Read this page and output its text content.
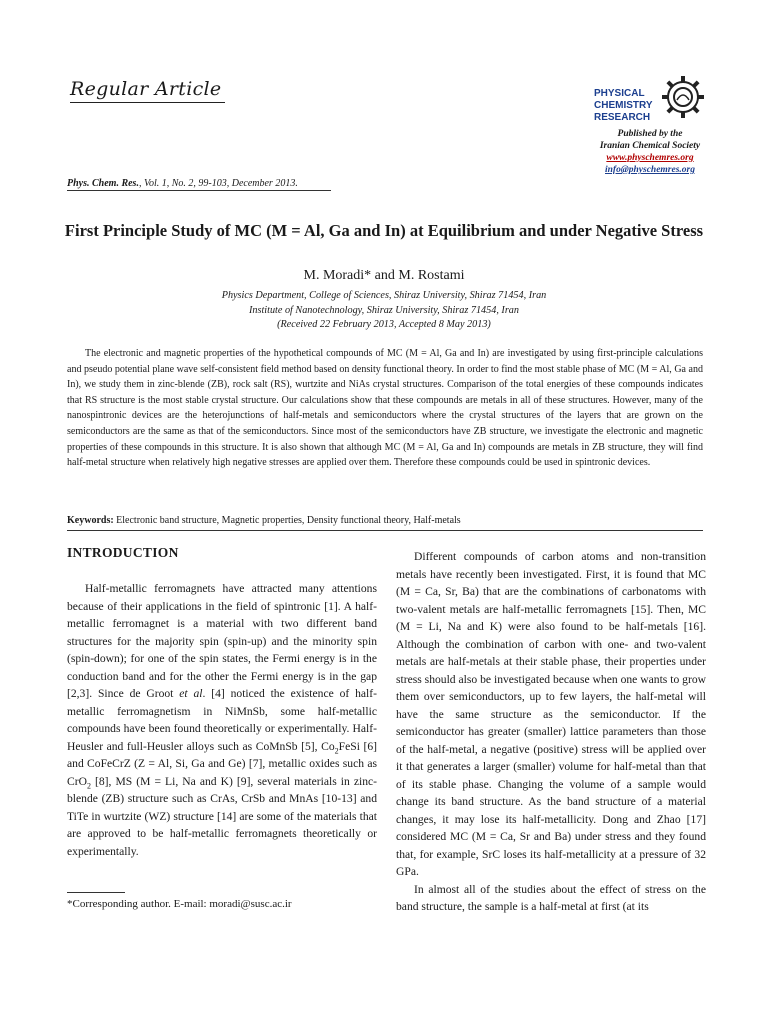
Regular Article	PHYSICAL
CHEMISTRY
RESEARCH
Published by the
Iranian Chemical Society
www.physchemres.org
info@physchemres.org
Phys. Chem. Res., Vol. 1, No. 2, 99-103, December 2013.
First Principle Study of MC (M = Al, Ga and In) at Equilibrium and under Negative Stress
M. Moradi* and M. Rostami
Physics Department, College of Sciences, Shiraz University, Shiraz 71454, Iran
Institute of Nanotechnology, Shiraz University, Shiraz 71454, Iran
(Received 22 February 2013, Accepted 8 May 2013)

The electronic and magnetic properties of the hypothetical compounds of MC (M = Al, Ga and In) are investigated by using first-principle calculations and pseudo potential plane wave self-consistent field method based on density functional theory. In order to find the most stable phase of MC (M = Al, Ga and In), we study them in zinc-blende (ZB), rock salt (RS), wurtzite and NiAs crystal structures. Comparison of the total energies of these compounds indicates that RS structure is the most stable crystal structure. Our calculations show that these compounds are metals in all of these structures. However, many of the nanospintronic devices are the heterojunctions of half-metals and semiconductors where the crystal structures of the layers that are grown on the semiconductors are the same as that of the semiconductors. Since most of the semiconductors have ZB structure, we investigate the electronic and magnetic properties of these compounds in this structure. It is also shown that although MC (M = Al, Ga and In) compounds are metals in ZB structure, they will find half-metal structure when relatively high negative stresses are applied over them. Therefore these compounds could be used in spintronic devices.

Keywords: Electronic band structure, Magnetic properties, Density functional theory, Half-metals
INTRODUCTION

Half-metallic ferromagnets have attracted many attentions because of their applications in the field of spintronic [1]. A half-metallic ferromagnet is a material with two different band structures for the majority spin (spin-up) and the minority spin (spin-down); for one of the spin states, the Fermi energy is in the conduction band and for the other the Fermi energy is in the gap [2,3]. Since de Groot et al. [4] noticed the existence of half-metallic ferromagnetism in NiMnSb, some half-metallic compounds have been found theoretically or experimentally. Half-Heusler and full-Heusler alloys such as CoMnSb [5], $Co_2FeSi$ [6] and CoFeCrZ (Z = Al, Si, Ga and Ge) [7], metallic oxides such as CrO$_2$ [8], MS (M = Li, Na and K) [9], several materials in zinc-blende (ZB) structure such as CrAs, CrSb and MnAs [10-13] and TiTe in wurtzite (WZ) structure [14] are some of the materials that are approved to be half-metallic ferromagnets theoretically or experimentally.

Different compounds of carbon atoms and non-transition metals have recently been investigated. First, it is found that MC (M = Ca, Sr, Ba) that are the combinations of carbonatoms with two-valent metals are half-metallic ferromagnets [15]. Then, MC (M = Li, Na and K) were also found to be half-metals [16]. Although the combination of carbon with one- and two-valent metals are half-metals at their stable phase, their properties under stress should also be investigated because when one wants to grow them over semiconductors, up to few layers, the half-metal will have the same structure as the semiconductor. If the semiconductor has greater (smaller) lattice parameters than those of the half-metal, a negative (positive) stress will be applied over it that generates a larger (smaller) volume for half-metal than that of its stable phase. Changing the volume of a sample would change its band structure. As the band structure of a material changes, it may lose its half-metallicity. Dong and Zhao [17] considered MC (M = Ca, Sr and Ba) under stress and they found that, for example, SrC loses its half-metallicity at a pressure of 32 GPa.

In almost all of the studies about the effect of stress on the band structure, the sample is a half-metal at first (at its

*Corresponding author. E-mail: moradi@susc.ac.ir
